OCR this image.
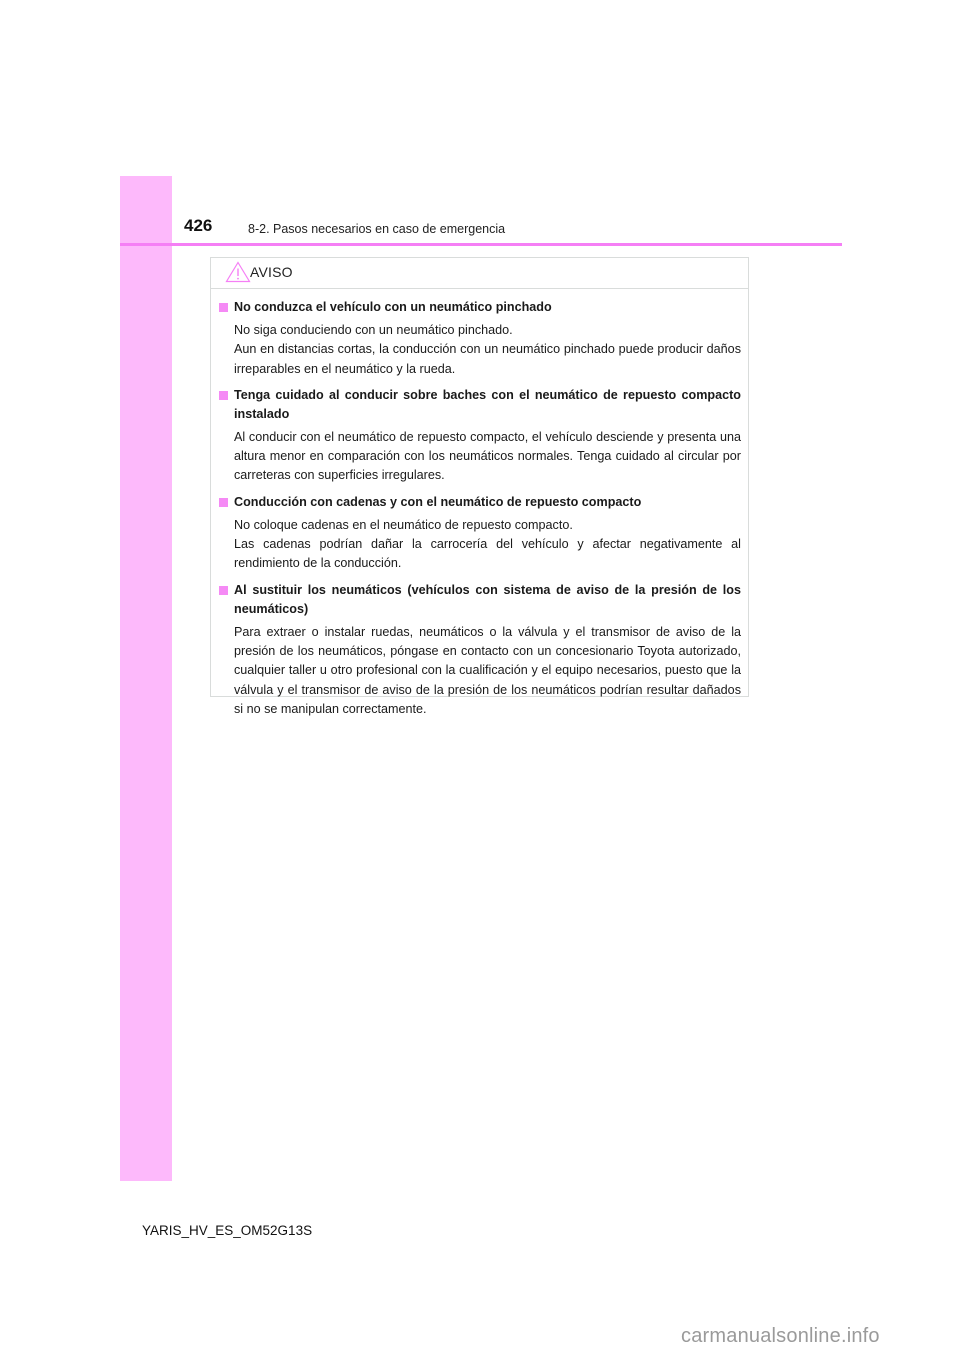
426	8-2. Pasos necesarios en caso de emergencia
AVISO
No conduzca el vehículo con un neumático pinchado

No siga conduciendo con un neumático pinchado.

Aun en distancias cortas, la conducción con un neumático pinchado puede producir daños irreparables en el neumático y la rueda.

Tenga cuidado al conducir sobre baches con el neumático de repuesto compacto instalado

Al conducir con el neumático de repuesto compacto, el vehículo desciende y presenta una altura menor en comparación con los neumáticos normales. Tenga cuidado al circular por carreteras con superficies irregulares.

Conducción con cadenas y con el neumático de repuesto compacto

No coloque cadenas en el neumático de repuesto compacto.

Las cadenas podrían dañar la carrocería del vehículo y afectar negativamente al rendimiento de la conducción.

Al sustituir los neumáticos (vehículos con sistema de aviso de la presión de los neumáticos)

Para extraer o instalar ruedas, neumáticos o la válvula y el transmisor de aviso de la presión de los neumáticos, póngase en contacto con un concesionario Toyota autorizado, cualquier taller u otro profesional con la cualificación y el equipo necesarios, puesto que la válvula y el transmisor de aviso de la presión de los neumáticos podrían resultar dañados si no se manipulan correctamente.

YARIS_HV_ES_OM52G13S
carmanualsonline.info
